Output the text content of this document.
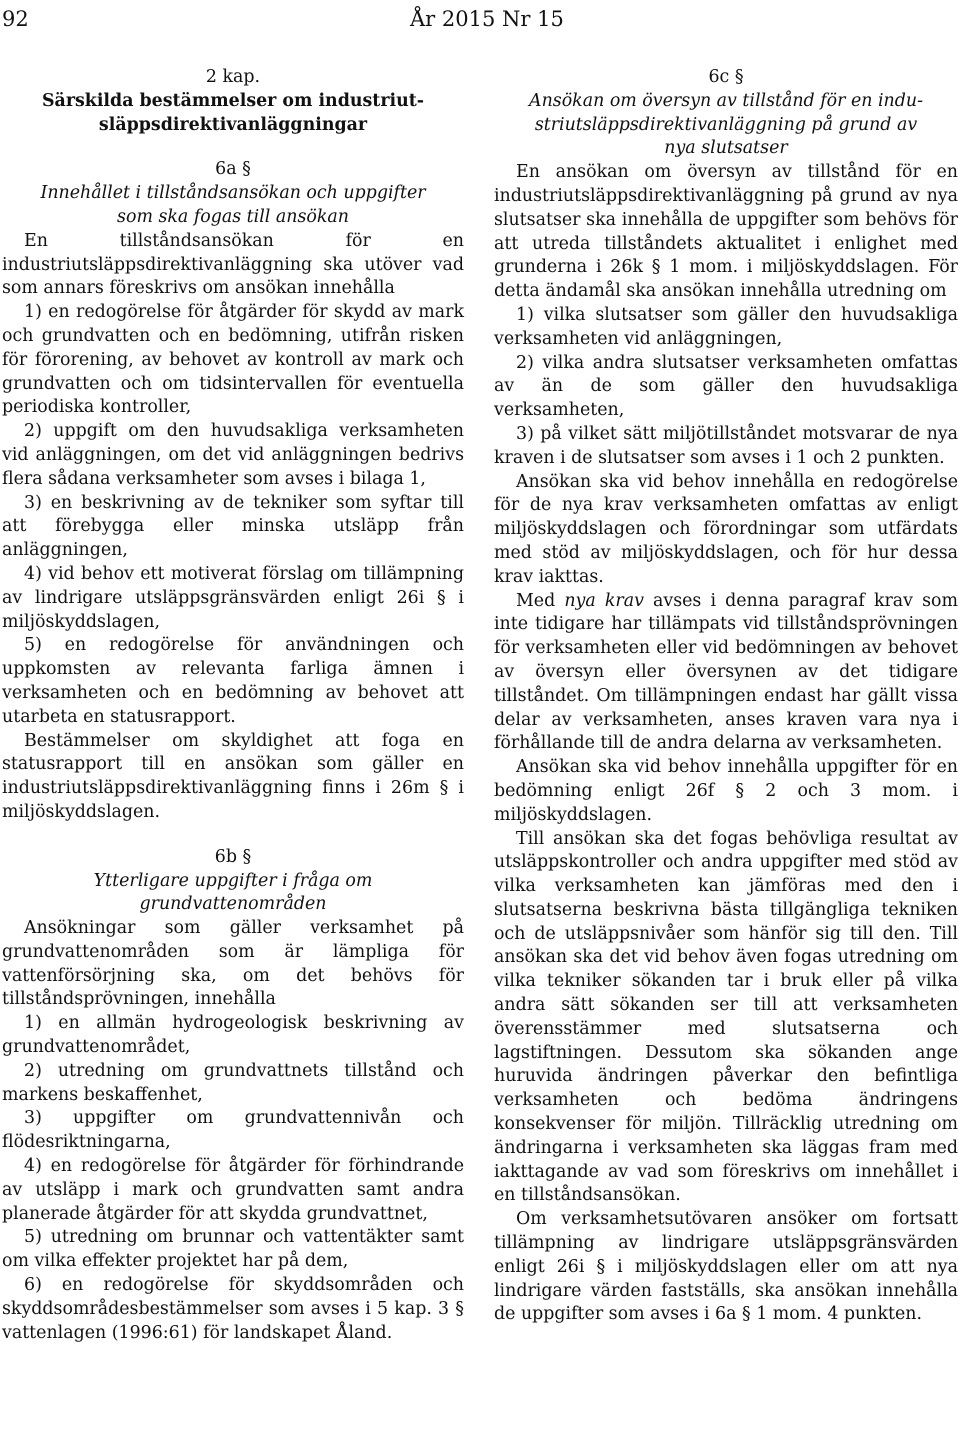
92	År 2015 Nr 15

2 kap.

Särskilda bestämmelser om industriut-

släppsdirektivanläggningar

6a §

Innehållet i tillståndsansökan och uppgifter

som ska fogas till ansökan

En tillståndsansökan för en industriutsläppsdirektivanläggning ska utöver vad som annars föreskrivs om ansökan innehålla

1) en redogörelse för åtgärder för skydd av mark och grundvatten och en bedömning, utifrån risken för förorening, av behovet av kontroll av mark och grundvatten och om tidsintervallen för eventuella periodiska kontroller,

2) uppgift om den huvudsakliga verksamheten vid anläggningen, om det vid anläggningen bedrivs flera sådana verksamheter som avses i bilaga 1,

3) en beskrivning av de tekniker som syftar till att förebygga eller minska utsläpp från anläggningen,

4) vid behov ett motiverat förslag om tillämpning av lindrigare utsläppsgränsvärden enligt 26i § i miljöskyddslagen,

5) en redogörelse för användningen och uppkomsten av relevanta farliga ämnen i verksamheten och en bedömning av behovet att utarbeta en statusrapport.

Bestämmelser om skyldighet att foga en statusrapport till en ansökan som gäller en industriutsläppsdirektivanläggning finns i 26m § i miljöskyddslagen.

6b §

Ytterligare uppgifter i fråga om

grundvattenområden

Ansökningar som gäller verksamhet på grundvattenområden som är lämpliga för vattenförsörjning ska, om det behövs för tillståndsprövningen, innehålla

1) en allmän hydrogeologisk beskrivning av grundvattenområdet,

2) utredning om grundvattnets tillstånd och markens beskaffenhet,

3) uppgifter om grundvattennivån och flödesriktningarna,

4) en redogörelse för åtgärder för förhindrande av utsläpp i mark och grundvatten samt andra planerade åtgärder för att skydda grundvattnet,

5) utredning om brunnar och vattentäkter samt om vilka effekter projektet har på dem,

6) en redogörelse för skyddsområden och skyddsområdesbestämmelser som avses i 5 kap. 3 § vattenlagen (1996:61) för landskapet Åland.

6c §

Ansökan om översyn av tillstånd för en indu-

striutsläppsdirektivanläggning på grund av

nya slutsatser

En ansökan om översyn av tillstånd för en industriutsläppsdirektivanläggning på grund av nya slutsatser ska innehålla de uppgifter som behövs för att utreda tillståndets aktualitet i enlighet med grunderna i 26k § 1 mom. i miljöskyddslagen. För detta ändamål ska ansökan innehålla utredning om

1) vilka slutsatser som gäller den huvudsakliga verksamheten vid anläggningen,

2) vilka andra slutsatser verksamheten omfattas av än de som gäller den huvudsakliga verksamheten,

3) på vilket sätt miljötillståndet motsvarar de nya kraven i de slutsatser som avses i 1 och 2 punkten.

Ansökan ska vid behov innehålla en redogörelse för de nya krav verksamheten omfattas av enligt miljöskyddslagen och förordningar som utfärdats med stöd av miljöskyddslagen, och för hur dessa krav iakttas.

Med nya krav avses i denna paragraf krav som inte tidigare har tillämpats vid tillståndsprövningen för verksamheten eller vid bedömningen av behovet av översyn eller översynen av det tidigare tillståndet. Om tillämpningen endast har gällt vissa delar av verksamheten, anses kraven vara nya i förhållande till de andra delarna av verksamheten.

Ansökan ska vid behov innehålla uppgifter för en bedömning enligt 26f § 2 och 3 mom. i miljöskyddslagen.

Till ansökan ska det fogas behövliga resultat av utsläppskontroller och andra uppgifter med stöd av vilka verksamheten kan jämföras med den i slutsatserna beskrivna bästa tillgängliga tekniken och de utsläppsnivåer som hänför sig till den. Till ansökan ska det vid behov även fogas utredning om vilka tekniker sökanden tar i bruk eller på vilka andra sätt sökanden ser till att verksamheten överensstämmer med slutsatserna och lagstiftningen. Dessutom ska sökanden ange huruvida ändringen påverkar den befintliga verksamheten och bedöma ändringens konsekvenser för miljön. Tillräcklig utredning om ändringarna i verksamheten ska läggas fram med iakttagande av vad som föreskrivs om innehållet i en tillståndsansökan.

Om verksamhetsutövaren ansöker om fortsatt tillämpning av lindrigare utsläppsgränsvärden enligt 26i § i miljöskyddslagen eller om att nya lindrigare värden fastställs, ska ansökan innehålla de uppgifter som avses i 6a § 1 mom. 4 punkten.
